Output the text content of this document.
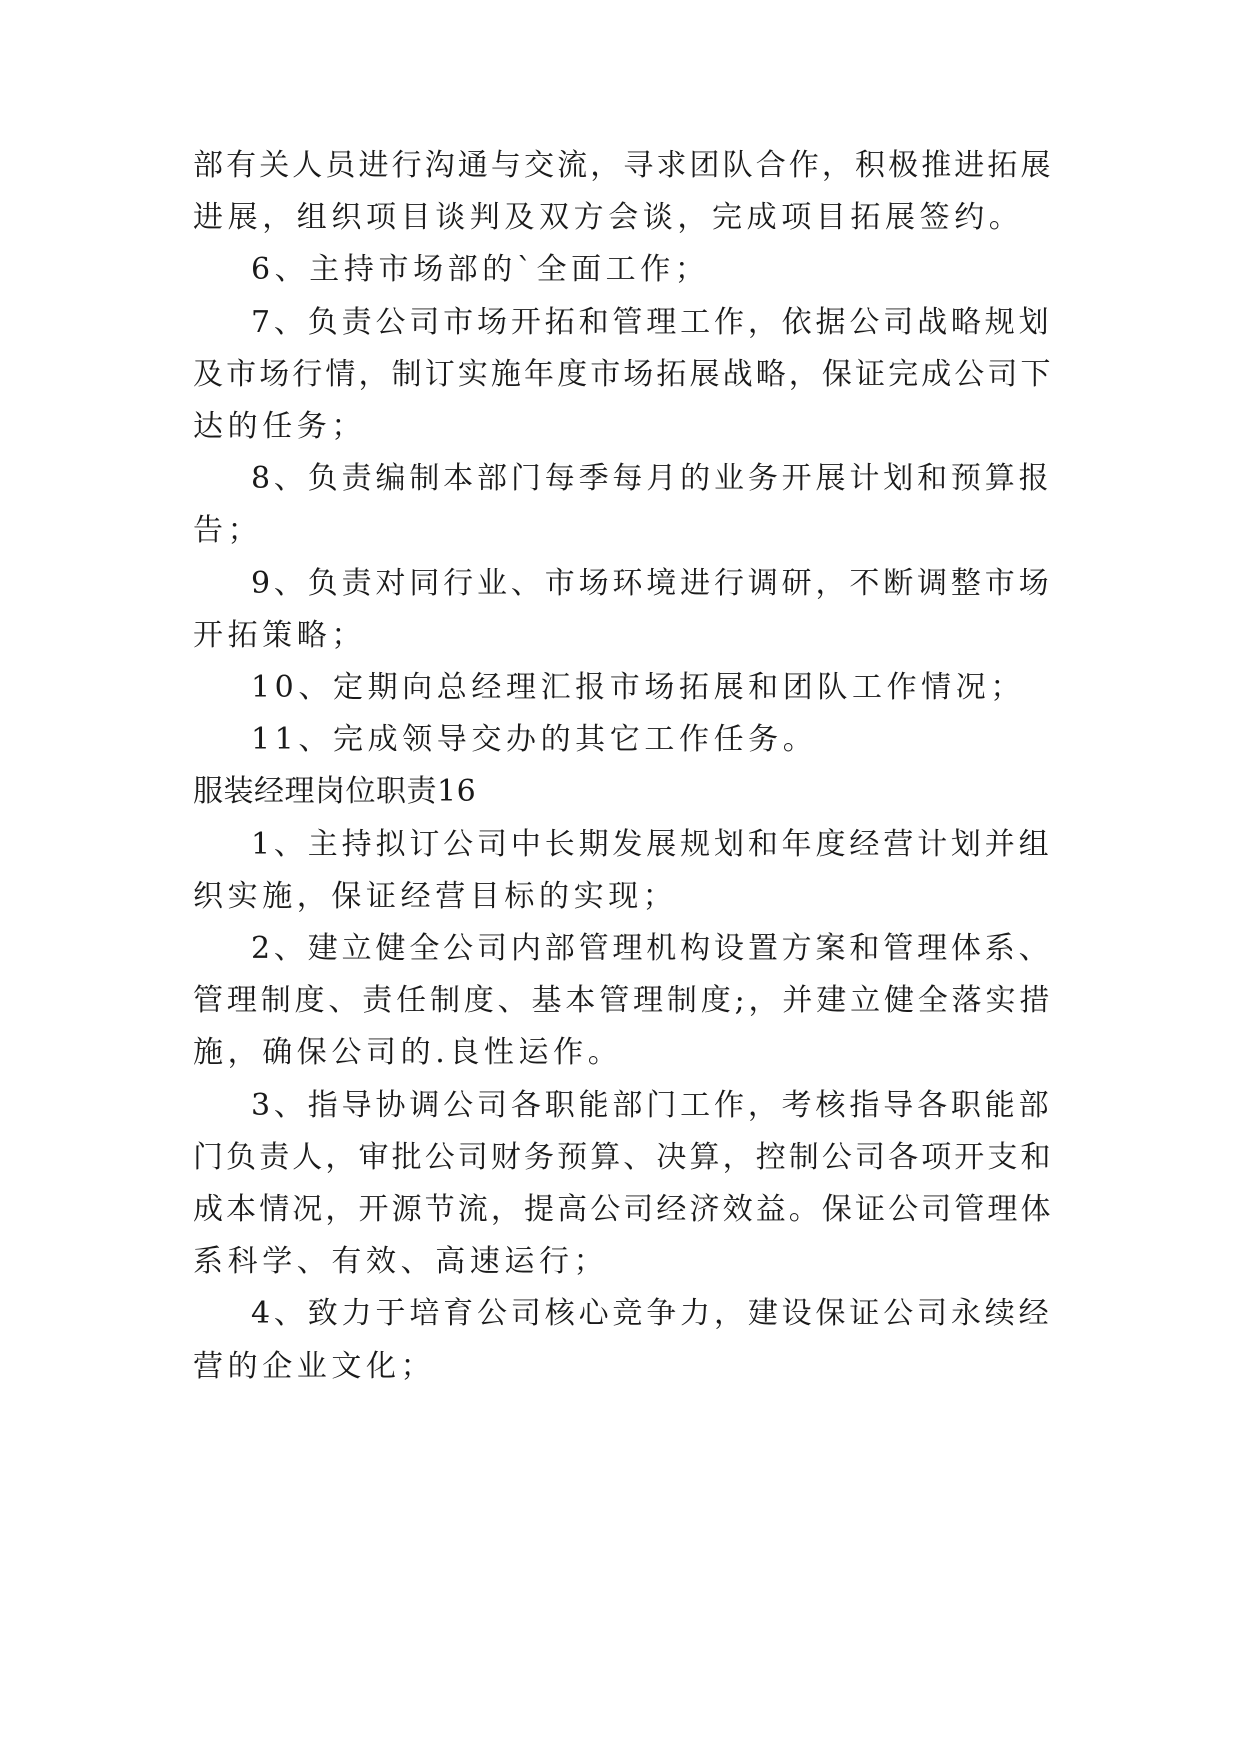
部有关人员进行沟通与交流，寻求团队合作，积极推进拓展
进展，组织项目谈判及双方会谈，完成项目拓展签约。
6、主持市场部的`全面工作；
7、负责公司市场开拓和管理工作，依据公司战略规划
及市场行情，制订实施年度市场拓展战略，保证完成公司下
达的任务；
8、负责编制本部门每季每月的业务开展计划和预算报
告；
9、负责对同行业、市场环境进行调研，不断调整市场
开拓策略；
10、定期向总经理汇报市场拓展和团队工作情况；
11、完成领导交办的其它工作任务。
服装经理岗位职责16
1、主持拟订公司中长期发展规划和年度经营计划并组
织实施，保证经营目标的实现；
2、建立健全公司内部管理机构设置方案和管理体系、
管理制度、责任制度、基本管理制度;，并建立健全落实措
施，确保公司的.良性运作。
3、指导协调公司各职能部门工作，考核指导各职能部
门负责人，审批公司财务预算、决算，控制公司各项开支和
成本情况，开源节流，提高公司经济效益。保证公司管理体
系科学、有效、高速运行；
4、致力于培育公司核心竞争力，建设保证公司永续经
营的企业文化；
